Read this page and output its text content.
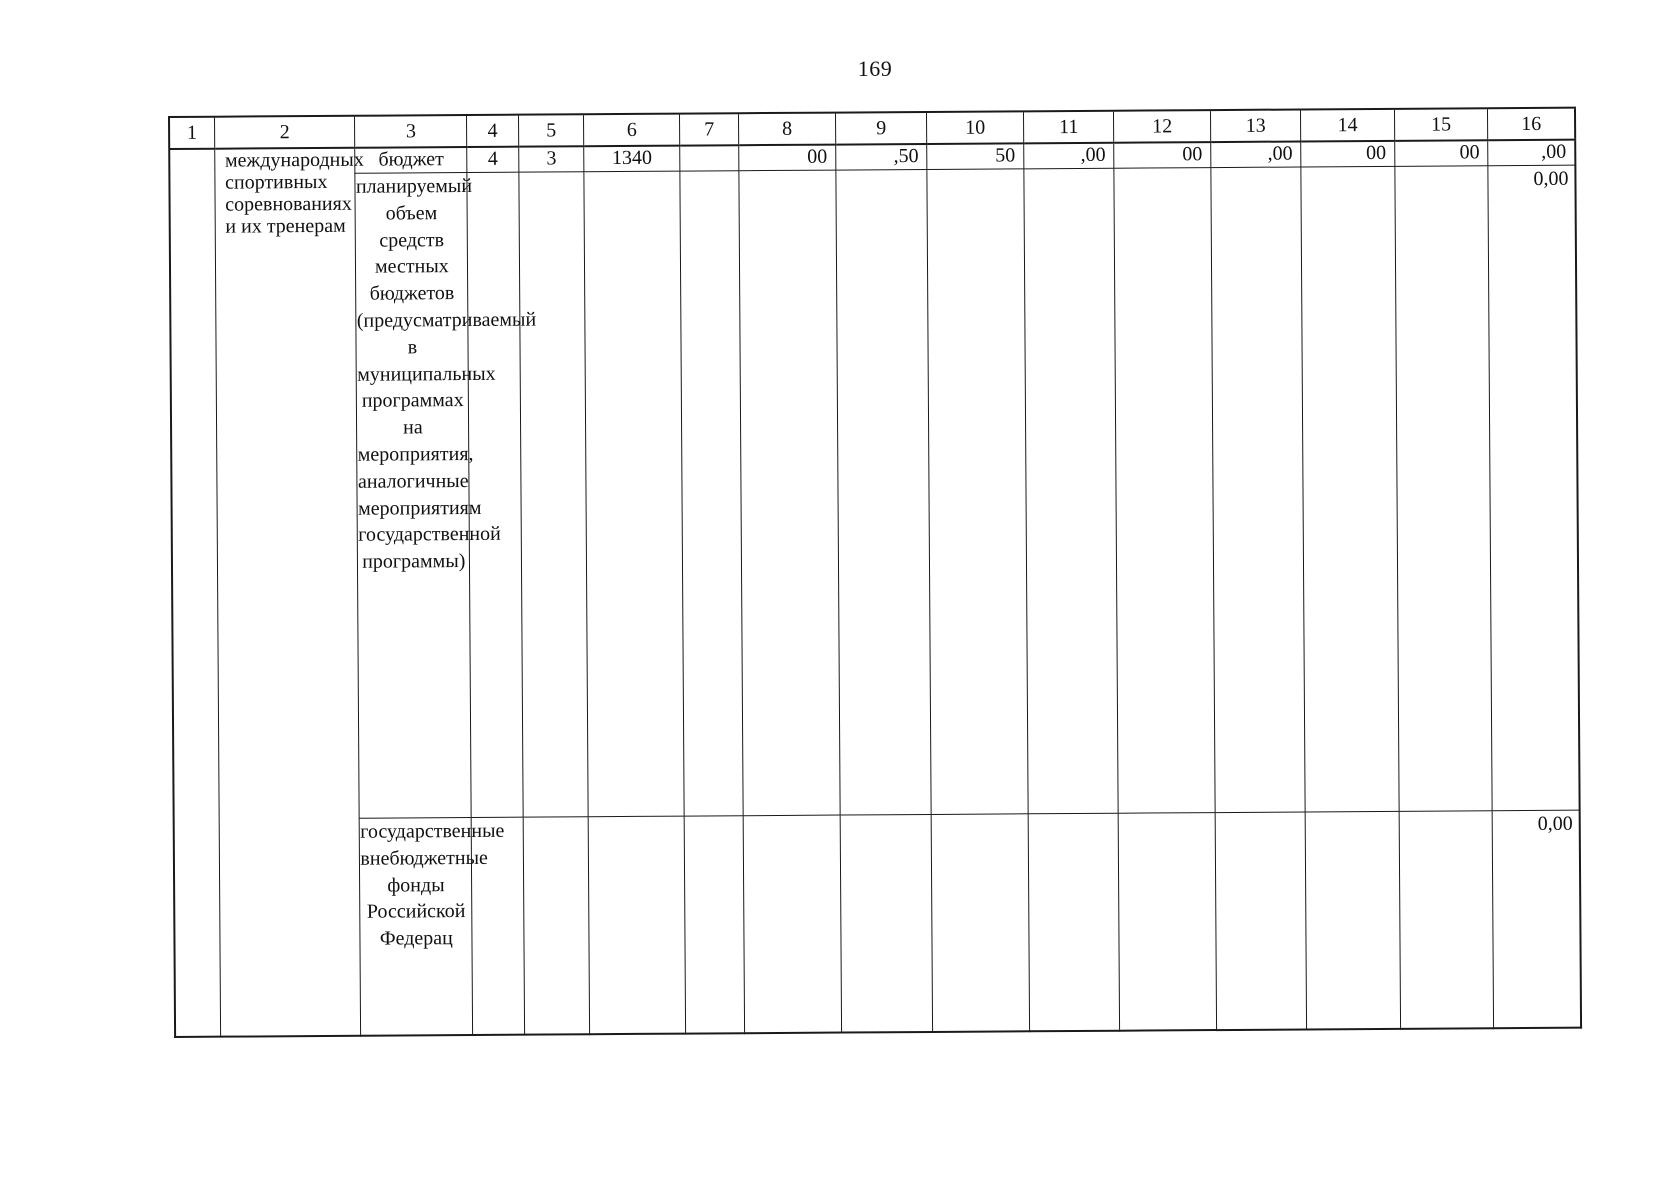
169
1	2	3	4	5	6	7	8	9	10	11	12	13	14	15	16
	международных спортивных соревнованиях и их тренерам	бюджет	4	3	1340		00	,50	50	,00	00	,00	00	00	,00
		планируемый объем средств местных бюджетов (предусматриваемый в муниципальных программах на мероприятия, аналогичные мероприятиям государственной программы)													0,00
		государственные внебюджетные фонды Российской Федерац													0,00
